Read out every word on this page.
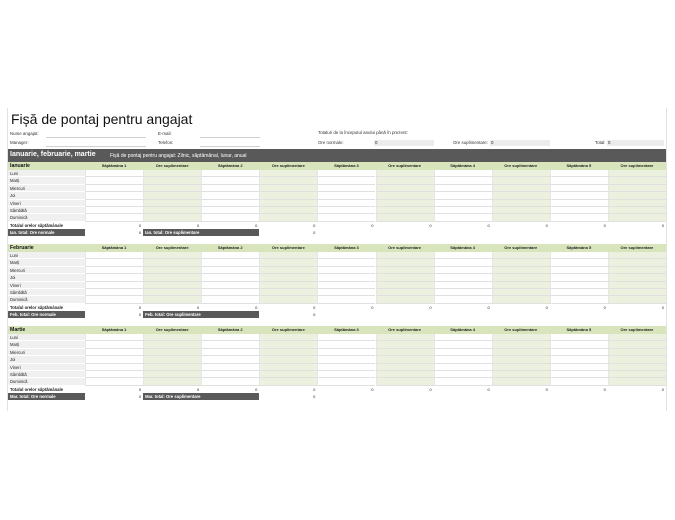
Fișă de pontaj pentru angajat
Nume angajat:	E-mail:	Totaluri de la începutul anului până în prezent:
Manager:	Telefon:	Ore normale:	0	Ore suplimentare: 0	Total: 0
Ianuarie, februarie, martie	Fișă de pontaj pentru angajat: Zilnic, săptămânal, lunar, anual
Ianuarie	Săptămâna 1	Ore suplimentare	Săptămâna 2	Ore suplimentare	Săptămâna 3	Ore suplimentare	Săptămâna 4	Ore suplimentare	Săptămâna 5	Ore suplimentare
Luni
Marți
Miercuri
Joi
Vineri
Sâmbătă
Duminică
Totalul orelor săptămânale	0	0	0	0	0	0	0	0	0	0
Ian. total: Ore normale	0 Ian. total: Ore suplimentare	0
Februarie	Săptămâna 1	Ore suplimentare	Săptămâna 2	Ore suplimentare	Săptămâna 3	Ore suplimentare	Săptămâna 4	Ore suplimentare	Săptămâna 5	Ore suplimentare
Luni
Marți
Miercuri
Joi
Vineri
Sâmbătă
Duminică
Totalul orelor săptămânale	0	0	0	0	0	0	0	0	0	0
Feb. total: Ore normale	0 Feb. total: Ore suplimentare	0
Martie	Săptămâna 1	Ore suplimentare	Săptămâna 2	Ore suplimentare	Săptămâna 3	Ore suplimentare	Săptămâna 4	Ore suplimentare	Săptămâna 5	Ore suplimentare
Luni
Marți
Miercuri
Joi
Vineri
Sâmbătă
Duminică
Totalul orelor săptămânale	0	0	0	0	0	0	0	0	0	0
Mar. total: Ore normale	0 Mar. total: Ore suplimentare	0
